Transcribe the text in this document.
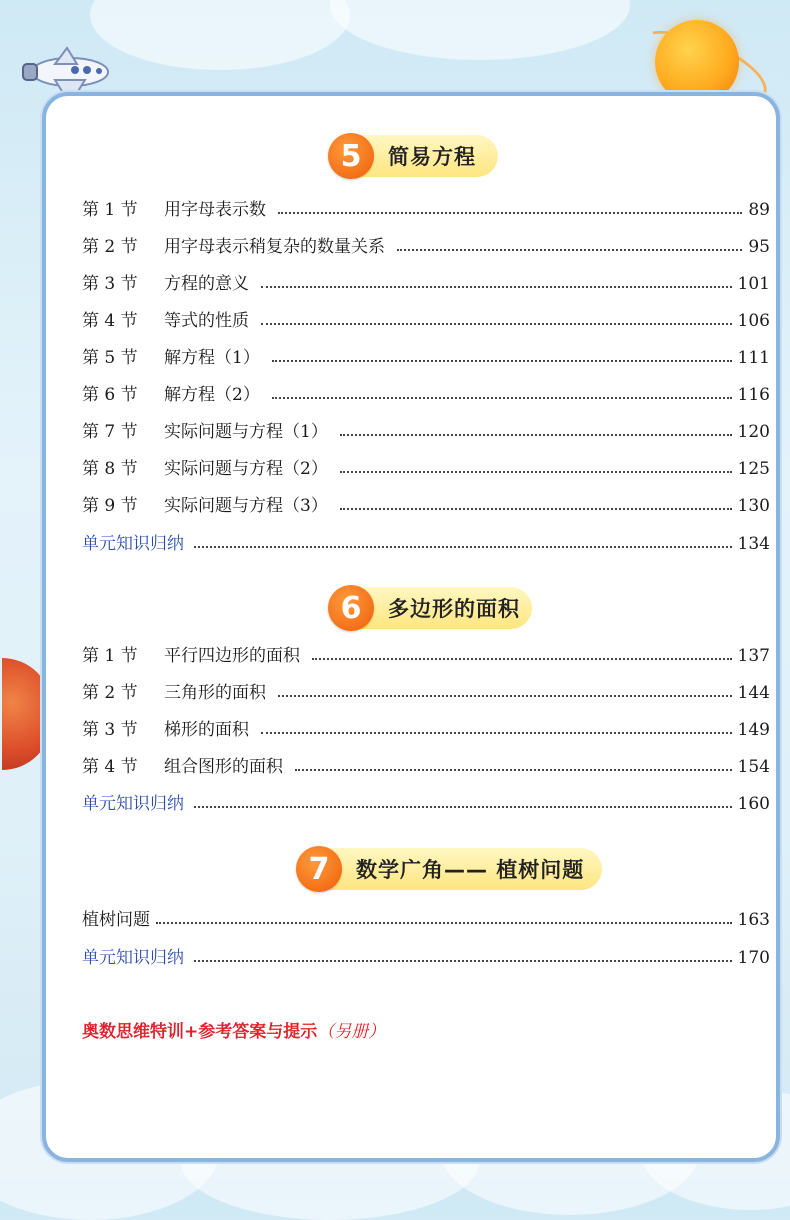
5	简易方程
第 1 节	用字母表示数	89
第 2 节	用字母表示稍复杂的数量关系	95
第 3 节	方程的意义	101
第 4 节	等式的性质	106
第 5 节	解方程（1）	111
第 6 节	解方程（2）	116
第 7 节	实际问题与方程（1）	120
第 8 节	实际问题与方程（2）	125
第 9 节	实际问题与方程（3）	130
单元知识归纳	134
6	多边形的面积
第 1 节	平行四边形的面积	137
第 2 节	三角形的面积	144
第 3 节	梯形的面积	149
第 4 节	组合图形的面积	154
单元知识归纳	160
7	数学广角—— 植树问题
植树问题	163
单元知识归纳	170
奥数思维特训+参考答案与提示（另册）
